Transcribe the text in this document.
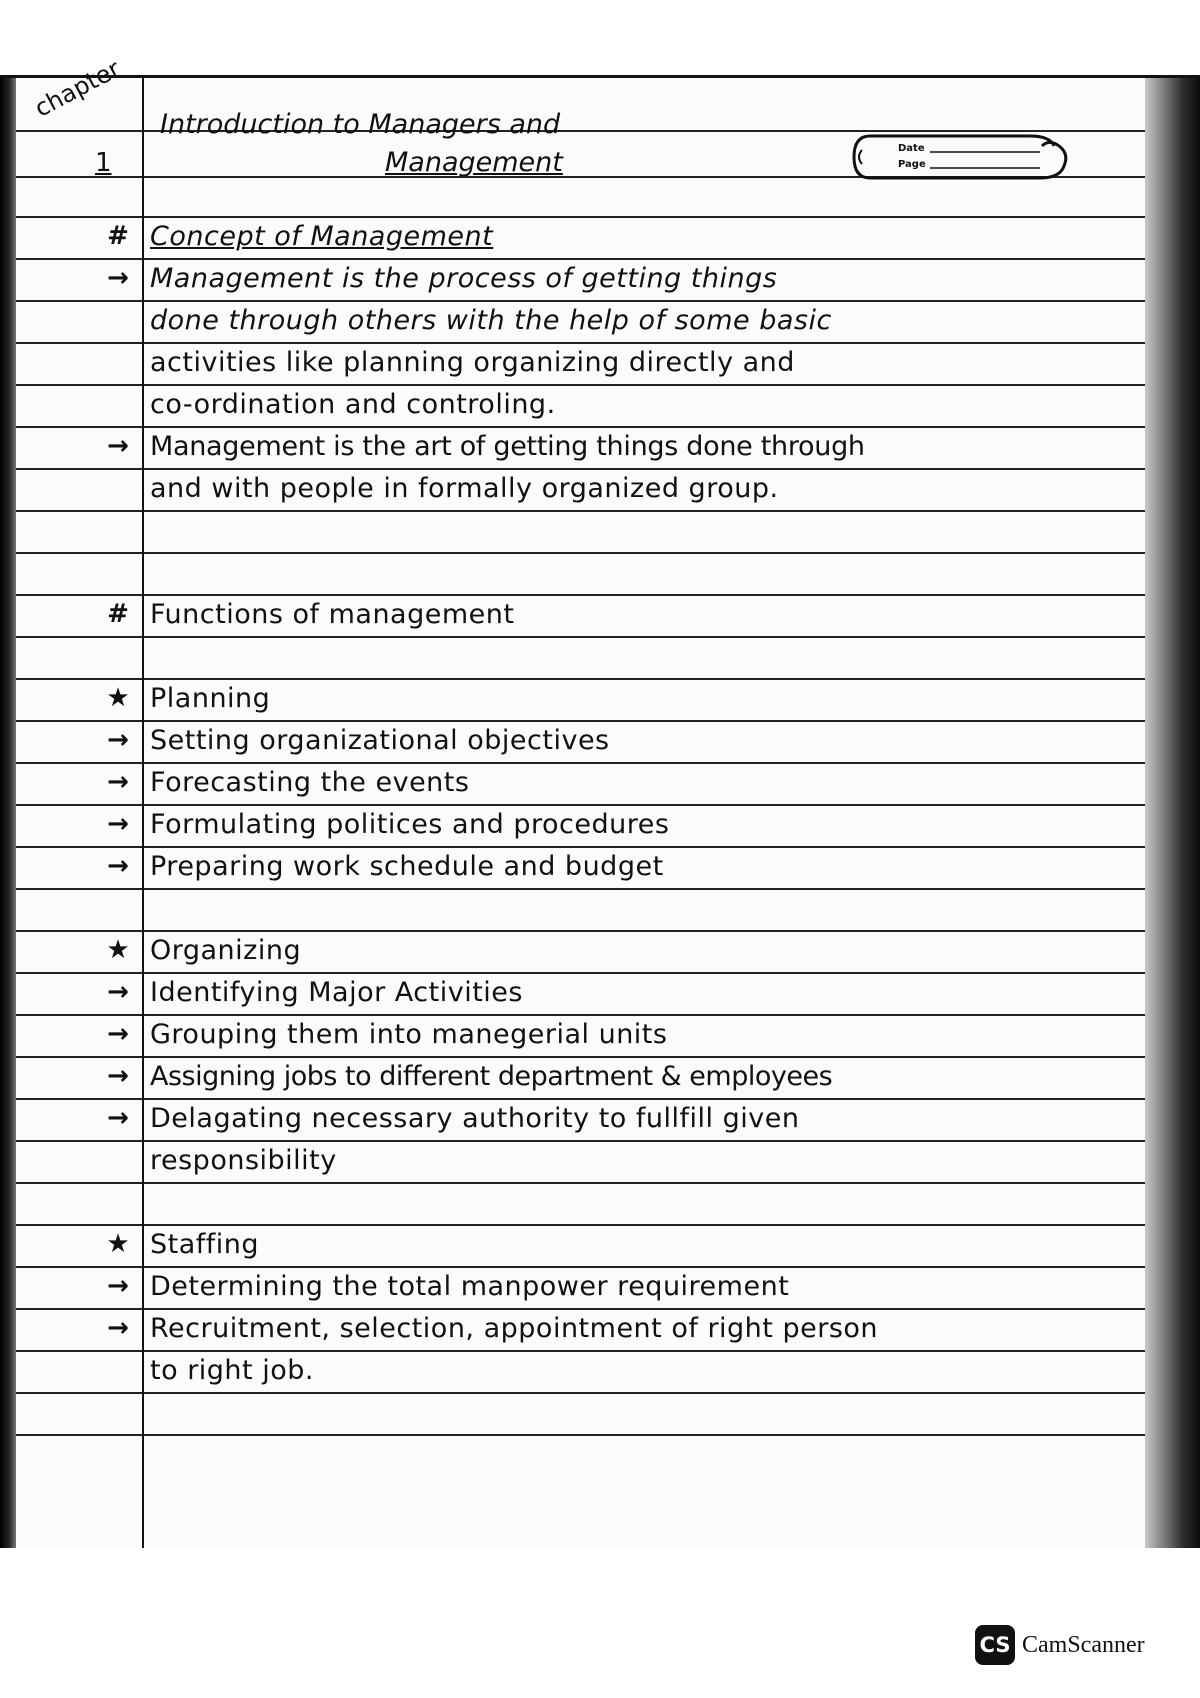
chapter
1
Introduction to Managers and
Management	Date
Page
# Concept of Management
→ Management is the process of getting things
done through others with the help of some basic
activities like planning organizing directly and
co-ordination and controling.
→ Management is the art of getting things done through
and with people in formally organized group.
# Functions of management
★ Planning
→ Setting organizational objectives
→ Forecasting the events
→ Formulating politices and procedures
→ Preparing work schedule and budget
★ Organizing
→ Identifying Major Activities
→ Grouping them into manegerial units
→ Assigning jobs to different department & employees
→ Delagating necessary authority to fullfill given
responsibility
★ Staffing
→ Determining the total manpower requirement
→ Recruitment, selection, appointment of right person
to right job.
CS CamScanner
